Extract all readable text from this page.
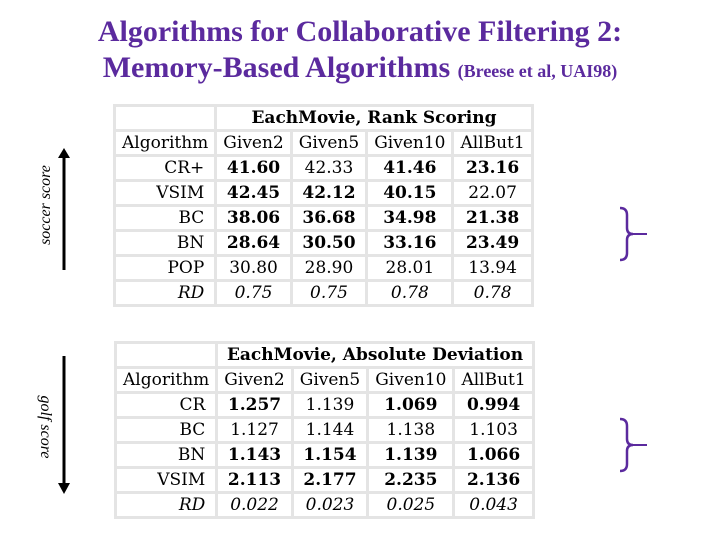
Algorithms for Collaborative Filtering 2:
Memory-Based Algorithms (Breese et al, UAI98)
soccer score
golf score
	EachMovie, Rank Scoring			
Algorithm	Given2	Given5	Given10	AllBut1
CR+	41.60	42.33	41.46	23.16
VSIM	42.45	42.12	40.15	22.07
BC	38.06	36.68	34.98	21.38
BN	28.64	30.50	33.16	23.49
POP	30.80	28.90	28.01	13.94
RD	0.75	0.75	0.78	0.78
	EachMovie, Absolute Deviation			
Algorithm	Given2	Given5	Given10	AllBut1
CR	1.257	1.139	1.069	0.994
BC	1.127	1.144	1.138	1.103
BN	1.143	1.154	1.139	1.066
VSIM	2.113	2.177	2.235	2.136
RD	0.022	0.023	0.025	0.043
